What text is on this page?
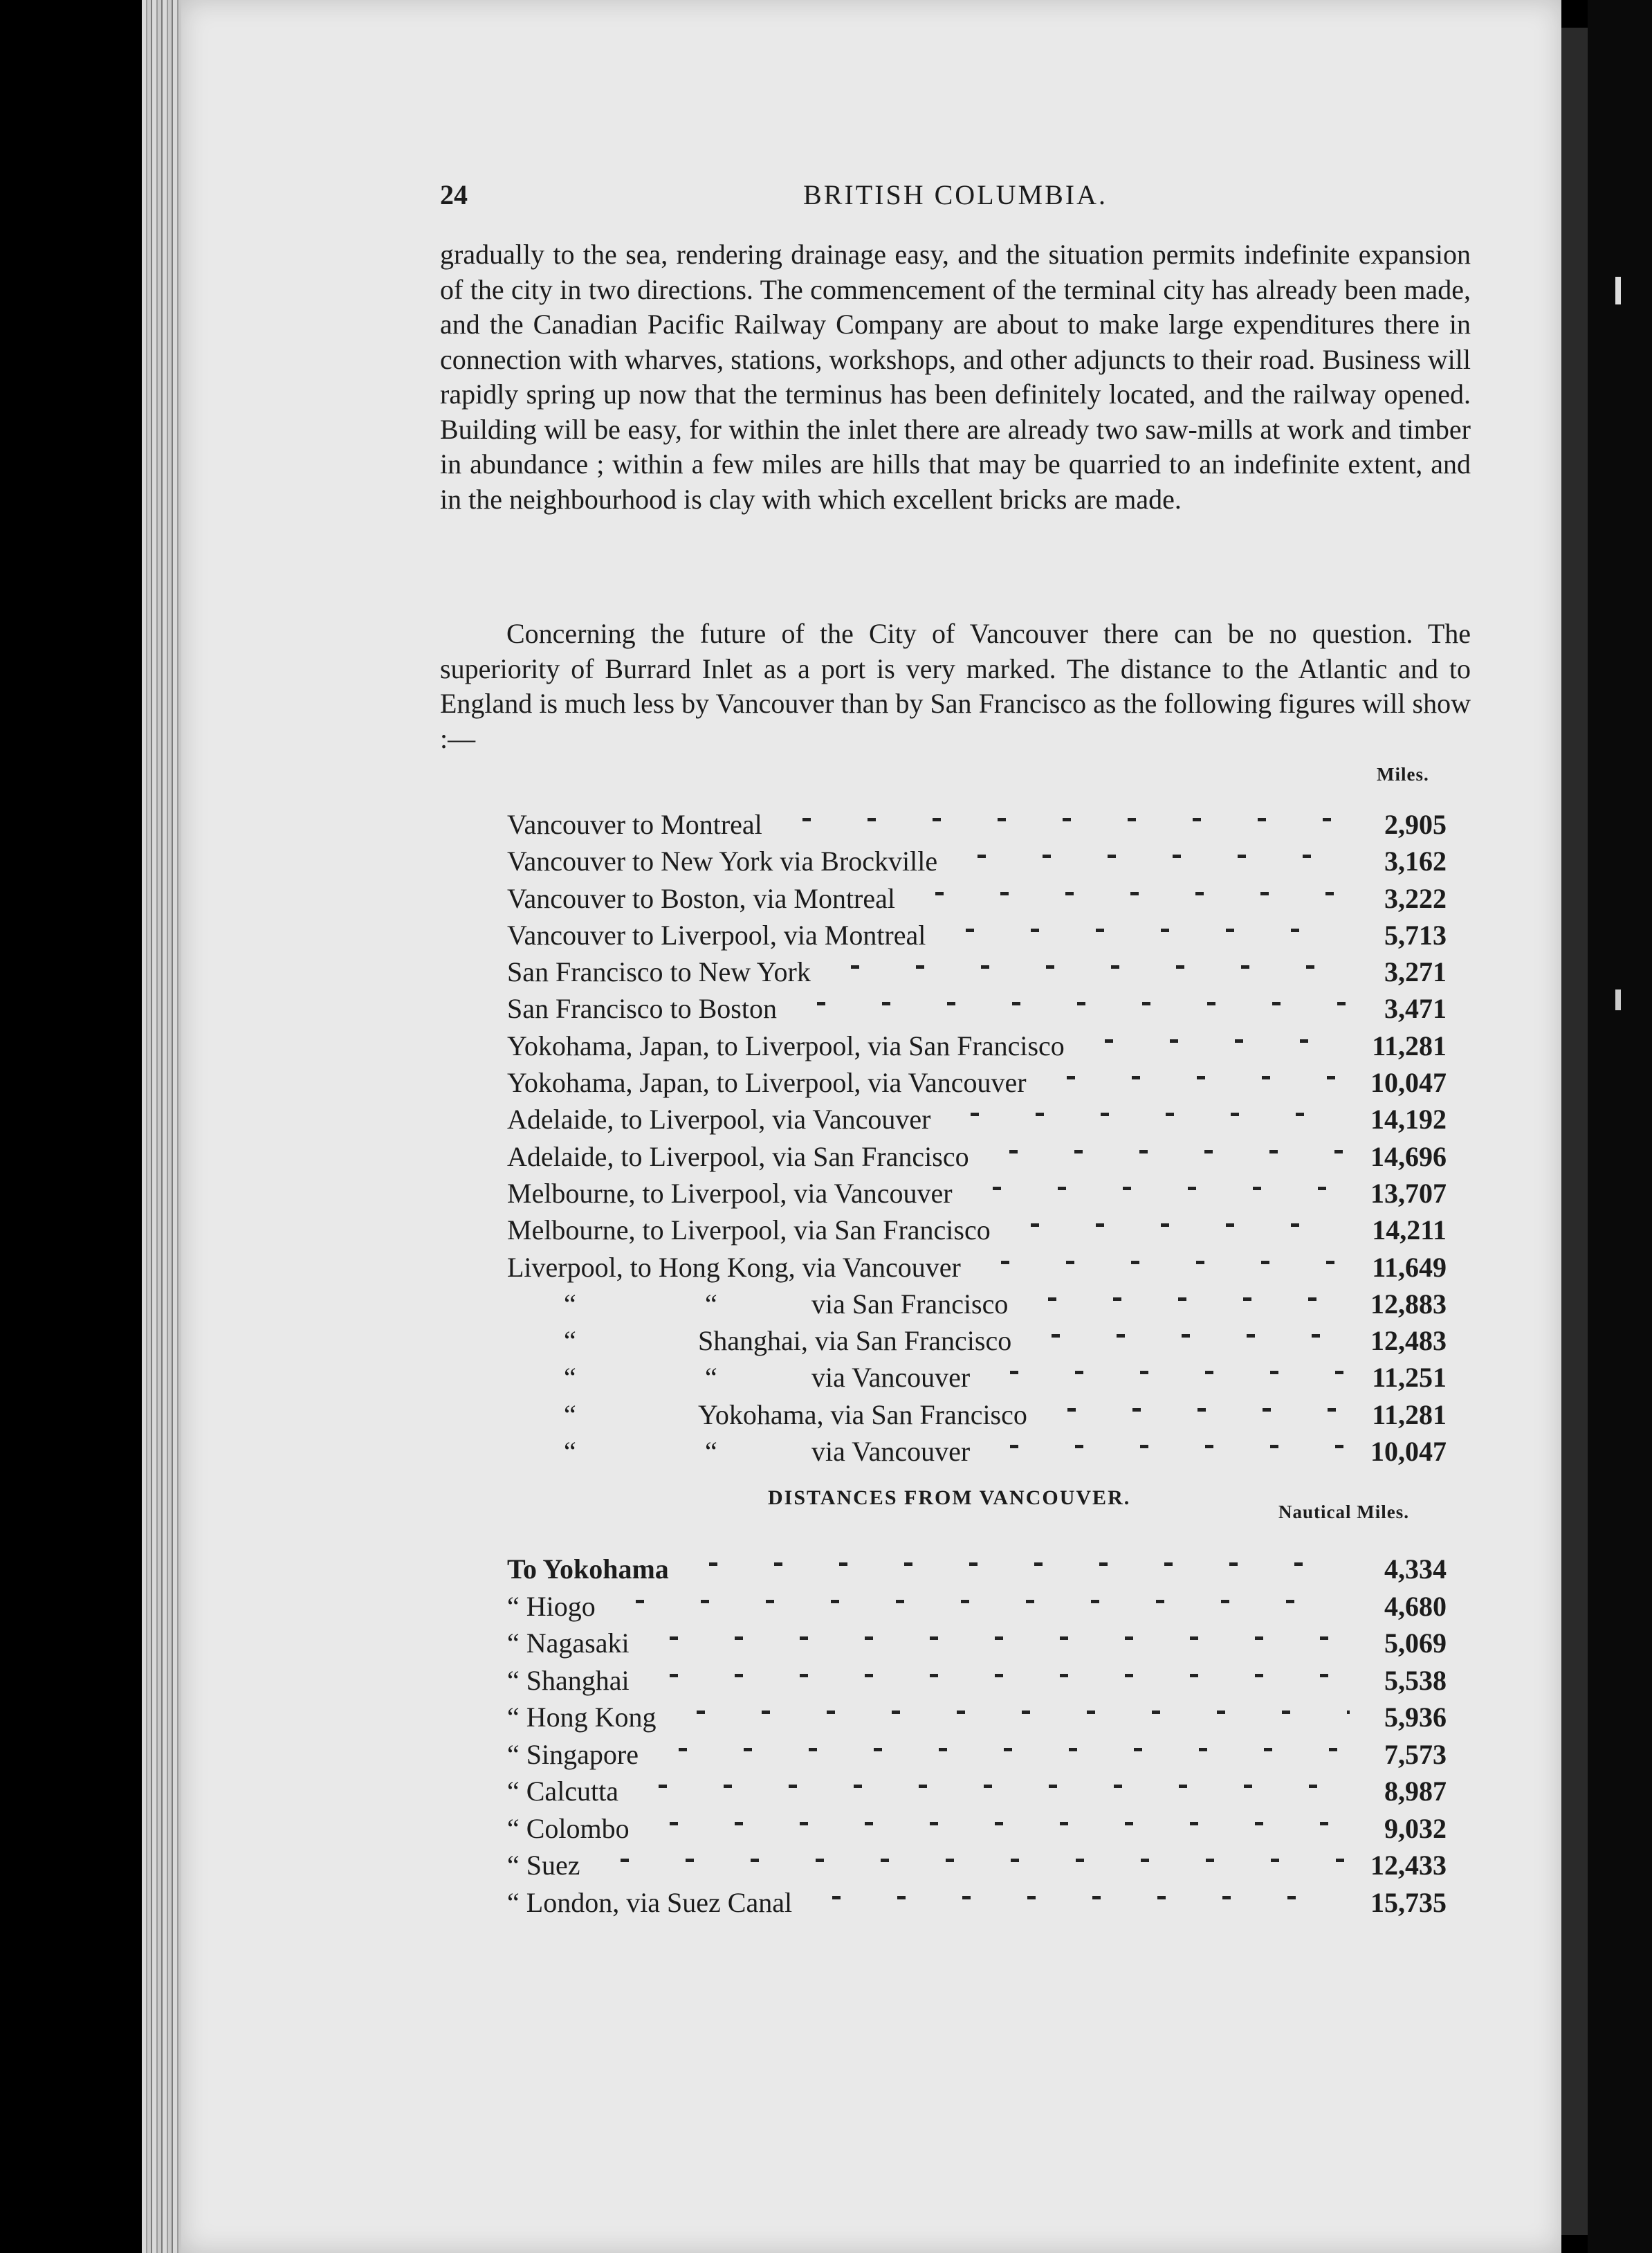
24	BRITISH COLUMBIA.

gradually to the sea, rendering drainage easy, and the situation permits indefinite expansion of the city in two directions. The commencement of the terminal city has already been made, and the Canadian Pacific Railway Company are about to make large expenditures there in connection with wharves, stations, workshops, and other adjuncts to their road. Business will rapidly spring up now that the terminus has been definitely located, and the railway opened. Building will be easy, for within the inlet there are already two saw-mills at work and timber in abundance ; within a few miles are hills that may be quarried to an indefinite extent, and in the neighbourhood is clay with which excellent bricks are made.

Concerning the future of the City of Vancouver there can be no question. The superiority of Burrard Inlet as a port is very marked. The distance to the Atlantic and to England is much less by Vancouver than by San Francisco as the following figures will show :—

Miles.
Vancouver to Montreal	2,905
Vancouver to New York via Brockville	3,162
Vancouver to Boston, via Montreal	3,222
Vancouver to Liverpool, via Montreal	5,713
San Francisco to New York	3,271
San Francisco to Boston	3,471
Yokohama, Japan, to Liverpool, via San Francisco	11,281
Yokohama, Japan, to Liverpool, via Vancouver	10,047
Adelaide, to Liverpool, via Vancouver	14,192
Adelaide, to Liverpool, via San Francisco	14,696
Melbourne, to Liverpool, via Vancouver	13,707
Melbourne, to Liverpool, via San Francisco	14,211
Liverpool, to Hong Kong, via Vancouver	11,649
“	“	via San Francisco	12,883
“	Shanghai, via San Francisco	12,483
“	“	via Vancouver	11,251
“	Yokohama, via San Francisco	11,281
“	“	via Vancouver	10,047
DISTANCES FROM VANCOUVER.
Nautical Miles.
To Yokohama	4,334
“ Hiogo	4,680
“ Nagasaki	5,069
“ Shanghai	5,538
“ Hong Kong	5,936
“ Singapore	7,573
“ Calcutta	8,987
“ Colombo	9,032
“ Suez	12,433
“ London, via Suez Canal	15,735
